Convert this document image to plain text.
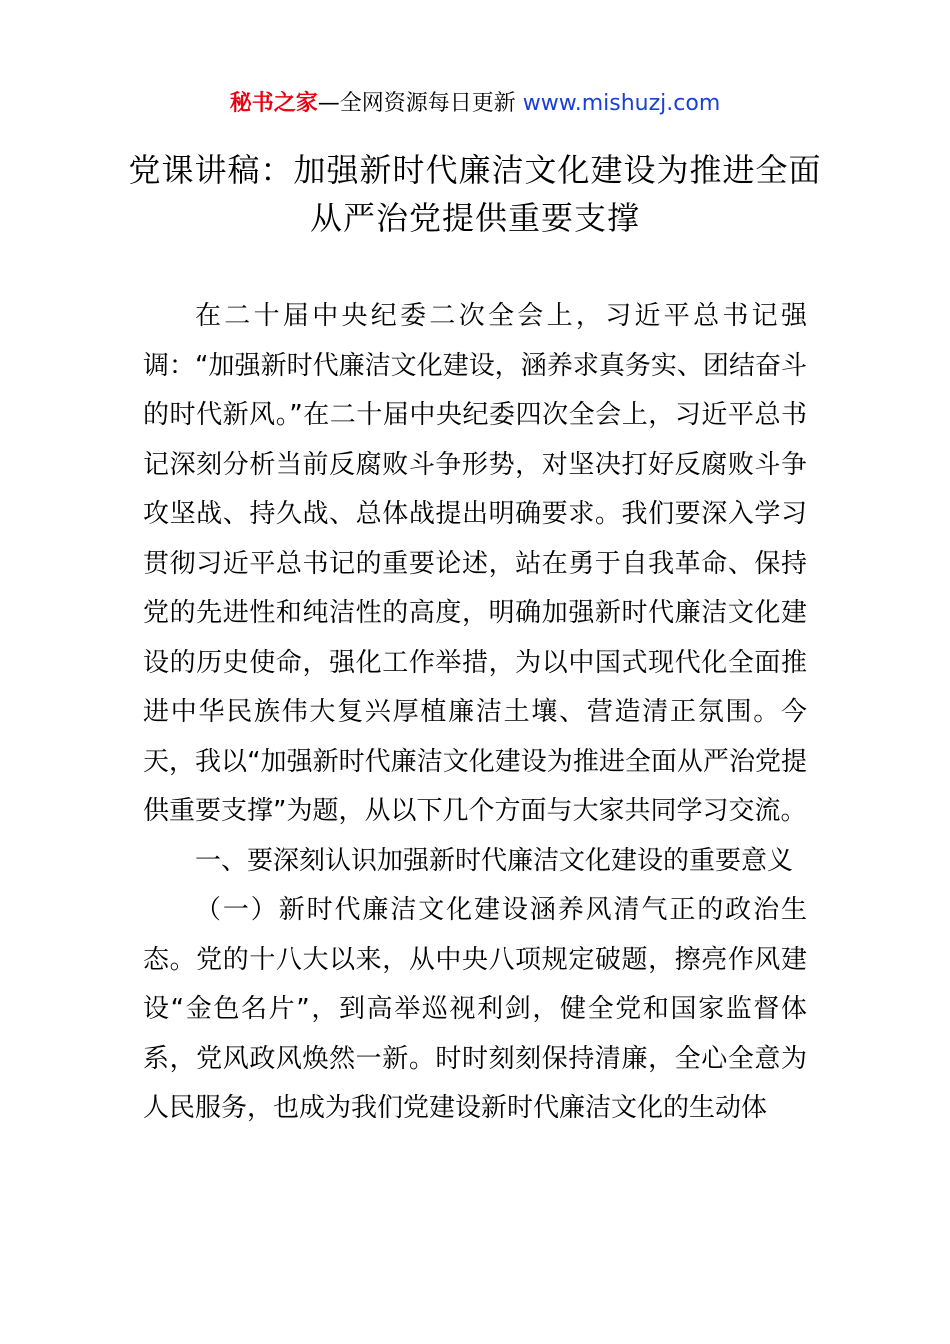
秘书之家—全网资源每日更新 www.mishuzj.com
党课讲稿：加强新时代廉洁文化建设为推进全面从严治党提供重要支撑

在二十届中央纪委二次全会上，习近平总书记强调：“加强新时代廉洁文化建设，涵养求真务实、团结奋斗的时代新风。”在二十届中央纪委四次全会上，习近平总书记深刻分析当前反腐败斗争形势，对坚决打好反腐败斗争攻坚战、持久战、总体战提出明确要求。我们要深入学习贯彻习近平总书记的重要论述，站在勇于自我革命、保持党的先进性和纯洁性的高度，明确加强新时代廉洁文化建设的历史使命，强化工作举措，为以中国式现代化全面推进中华民族伟大复兴厚植廉洁土壤、营造清正氛围。今天，我以“加强新时代廉洁文化建设为推进全面从严治党提供重要支撑”为题，从以下几个方面与大家共同学习交流。

一、要深刻认识加强新时代廉洁文化建设的重要意义

（一）新时代廉洁文化建设涵养风清气正的政治生态。党的十八大以来，从中央八项规定破题，擦亮作风建设“金色名片”，到高举巡视利剑，健全党和国家监督体系，党风政风焕然一新。时时刻刻保持清廉，全心全意为人民服务，也成为我们党建设新时代廉洁文化的生动体
